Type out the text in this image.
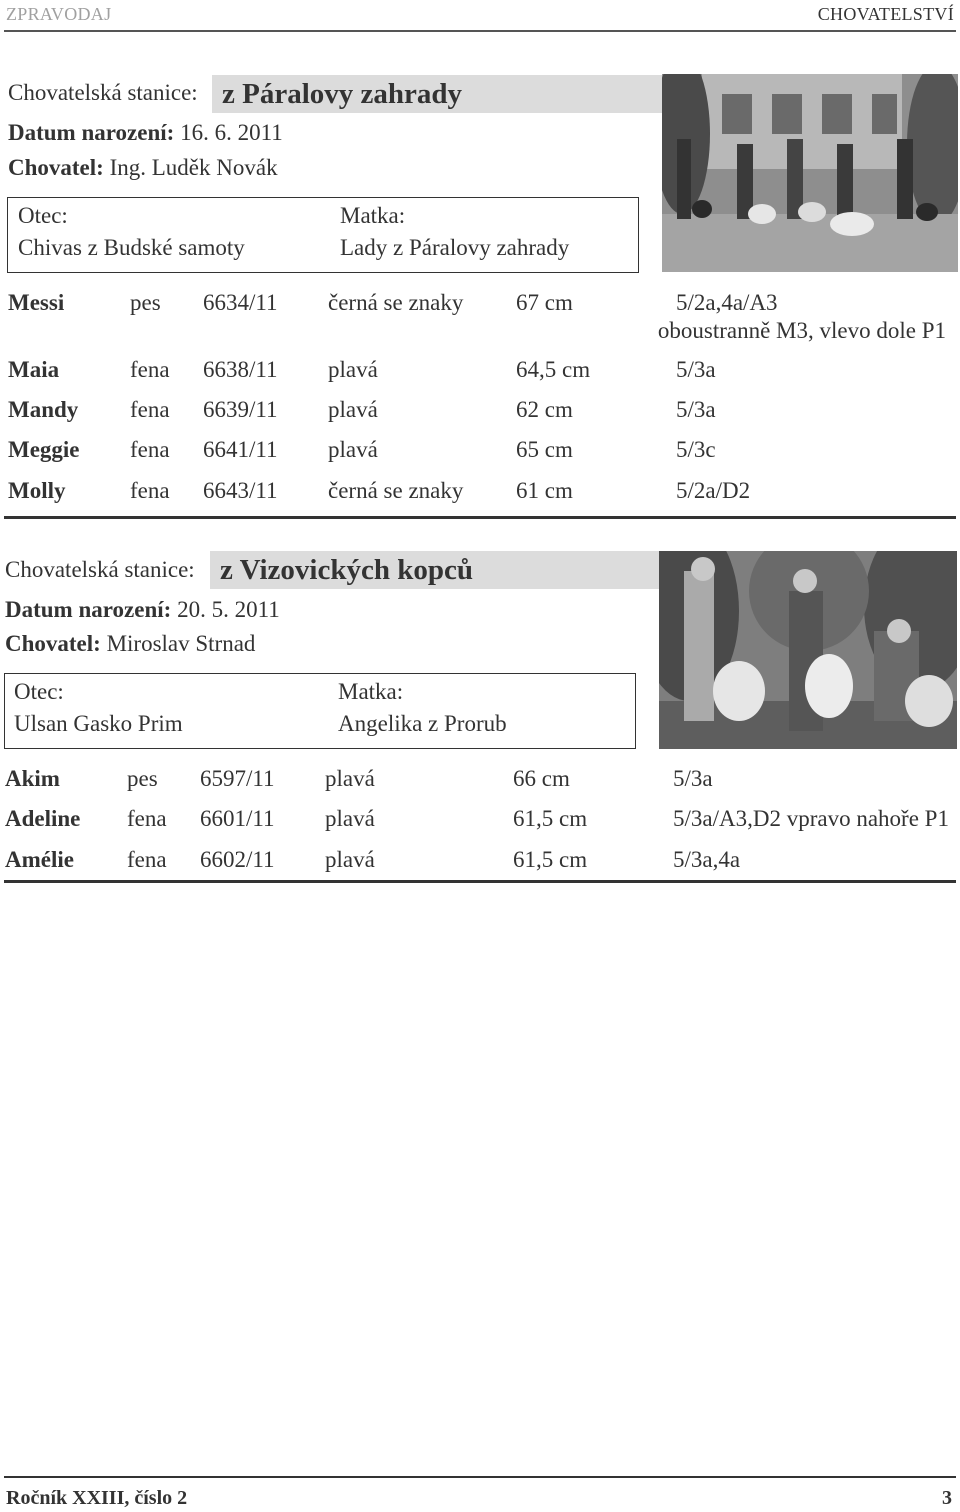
ZPRAVODAJ	CHOVATELSTVÍ
Chovatelská stanice: z Páralovy zahrady
Datum narození: 16. 6. 2011
Chovatel: Ing. Luděk Novák
Otec:
Chivas z Budské samoty
Matka:
Lady z Páralovy zahrady
Messi	pes 6634/11 černá se znaky 67 cm	5/2a,4a/A3
oboustranně M3, vlevo dole P1
Maia	fena 6638/11 plavá	64,5 cm	5/3a
Mandy fena 6639/11 plavá	62 cm	5/3a
Meggie fena 6641/11 plavá	65 cm	5/3c
Molly	fena 6643/11 černá se znaky 61 cm	5/2a/D2
Chovatelská stanice: z Vizovických kopců
Datum narození: 20. 5. 2011
Chovatel: Miroslav Strnad
Otec:
Ulsan Gasko Prim
Matka:
Angelika z Prorub
Akim	pes 6597/11 plavá	66 cm	5/3a
Adeline fena 6601/11 plavá	61,5 cm	5/3a/A3,D2 vpravo nahoře P1
Amélie fena 6602/11 plavá	61,5 cm	5/3a,4a
Ročník XXIII, číslo 2	3
